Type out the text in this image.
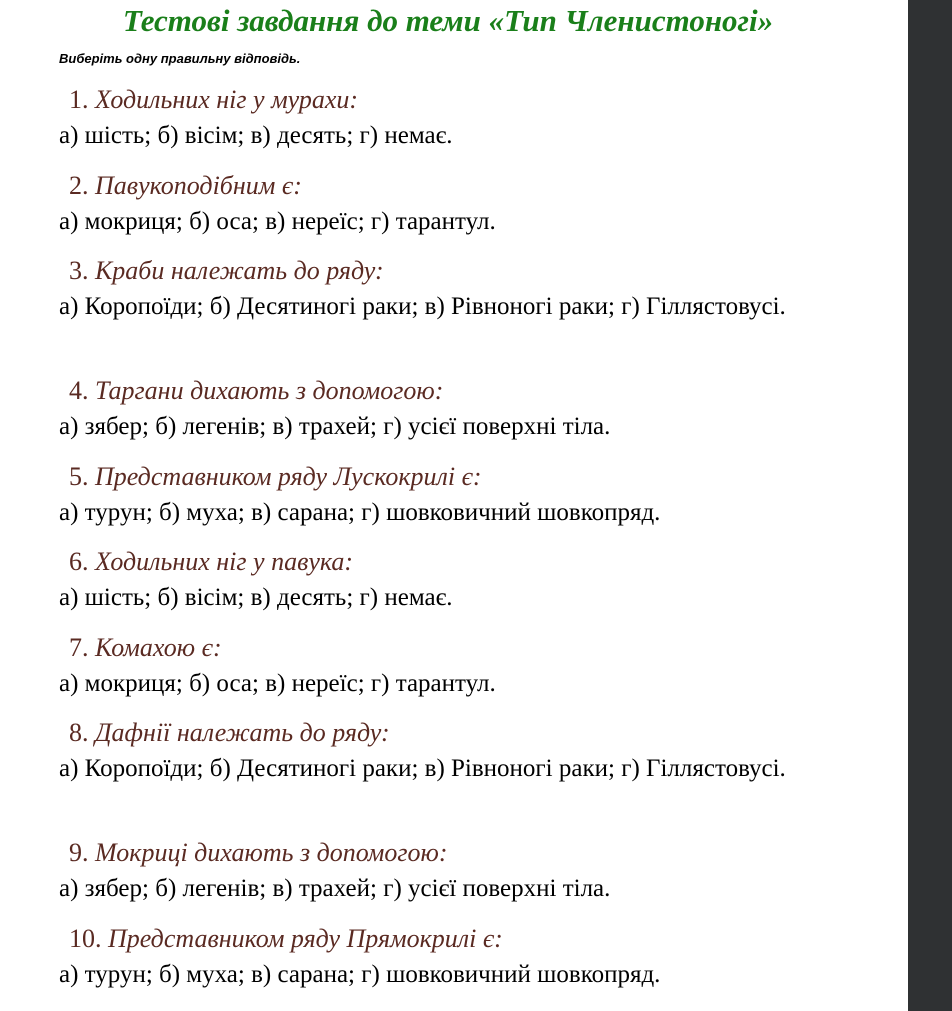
Тестові завдання до теми «Тип Членистоногі»

Виберіть одну правильну відповідь.

1. Ходильних ніг у мурахи:

а) шість; б) вісім; в) десять; г) немає.

2. Павукоподібним є:

а) мокриця; б) оса; в) нереїс; г) тарантул.

3. Краби належать до ряду:

а) Коропоїди; б) Десятиногі раки; в) Рівноногі раки; г) Гіллястовусі.

4. Таргани дихають з допомогою:

а) зябер; б) легенів; в) трахей; г) усієї поверхні тіла.

5. Представником ряду Лускокрилі є:

а) турун; б) муха; в) сарана; г) шовковичний шовкопряд.

6. Ходильних ніг у павука:

а) шість; б) вісім; в) десять; г) немає.

7. Комахою є:

а) мокриця; б) оса; в) нереїс; г) тарантул.

8. Дафнії належать до ряду:

а) Коропоїди; б) Десятиногі раки; в) Рівноногі раки; г) Гіллястовусі.

9. Мокриці дихають з допомогою:

а) зябер; б) легенів; в) трахей; г) усієї поверхні тіла.

10. Представником ряду Прямокрилі є:

а) турун; б) муха; в) сарана; г) шовковичний шовкопряд.
